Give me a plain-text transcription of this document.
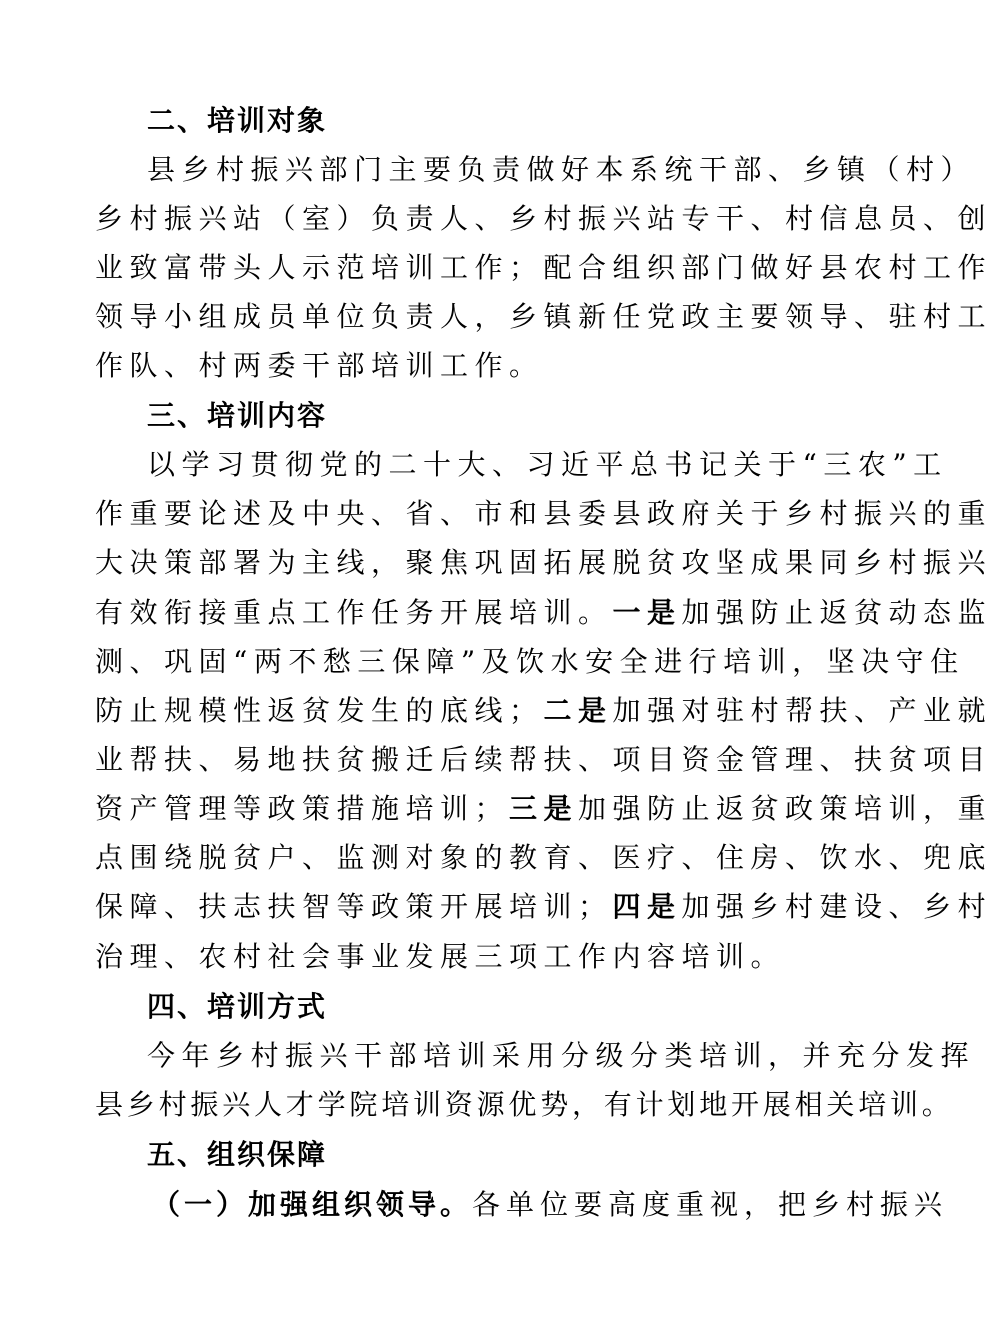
二、培训对象
县乡村振兴部门主要负责做好本系统干部、乡镇（村）
乡村振兴站（室）负责人、乡村振兴站专干、村信息员、创
业致富带头人示范培训工作；配合组织部门做好县农村工作
领导小组成员单位负责人，乡镇新任党政主要领导、驻村工
作队、村两委干部培训工作。
三、培训内容
以学习贯彻党的二十大、习近平总书记关于“三农”工
作重要论述及中央、省、市和县委县政府关于乡村振兴的重
大决策部署为主线，聚焦巩固拓展脱贫攻坚成果同乡村振兴
有效衔接重点工作任务开展培训。一是加强防止返贫动态监
测、巩固“两不愁三保障”及饮水安全进行培训，坚决守住
防止规模性返贫发生的底线；二是加强对驻村帮扶、产业就
业帮扶、易地扶贫搬迁后续帮扶、项目资金管理、扶贫项目
资产管理等政策措施培训；三是加强防止返贫政策培训，重
点围绕脱贫户、监测对象的教育、医疗、住房、饮水、兜底
保障、扶志扶智等政策开展培训；四是加强乡村建设、乡村
治理、农村社会事业发展三项工作内容培训。
四、培训方式
今年乡村振兴干部培训采用分级分类培训，并充分发挥
县乡村振兴人才学院培训资源优势，有计划地开展相关培训。
五、组织保障
（一）加强组织领导。各单位要高度重视，把乡村振兴
